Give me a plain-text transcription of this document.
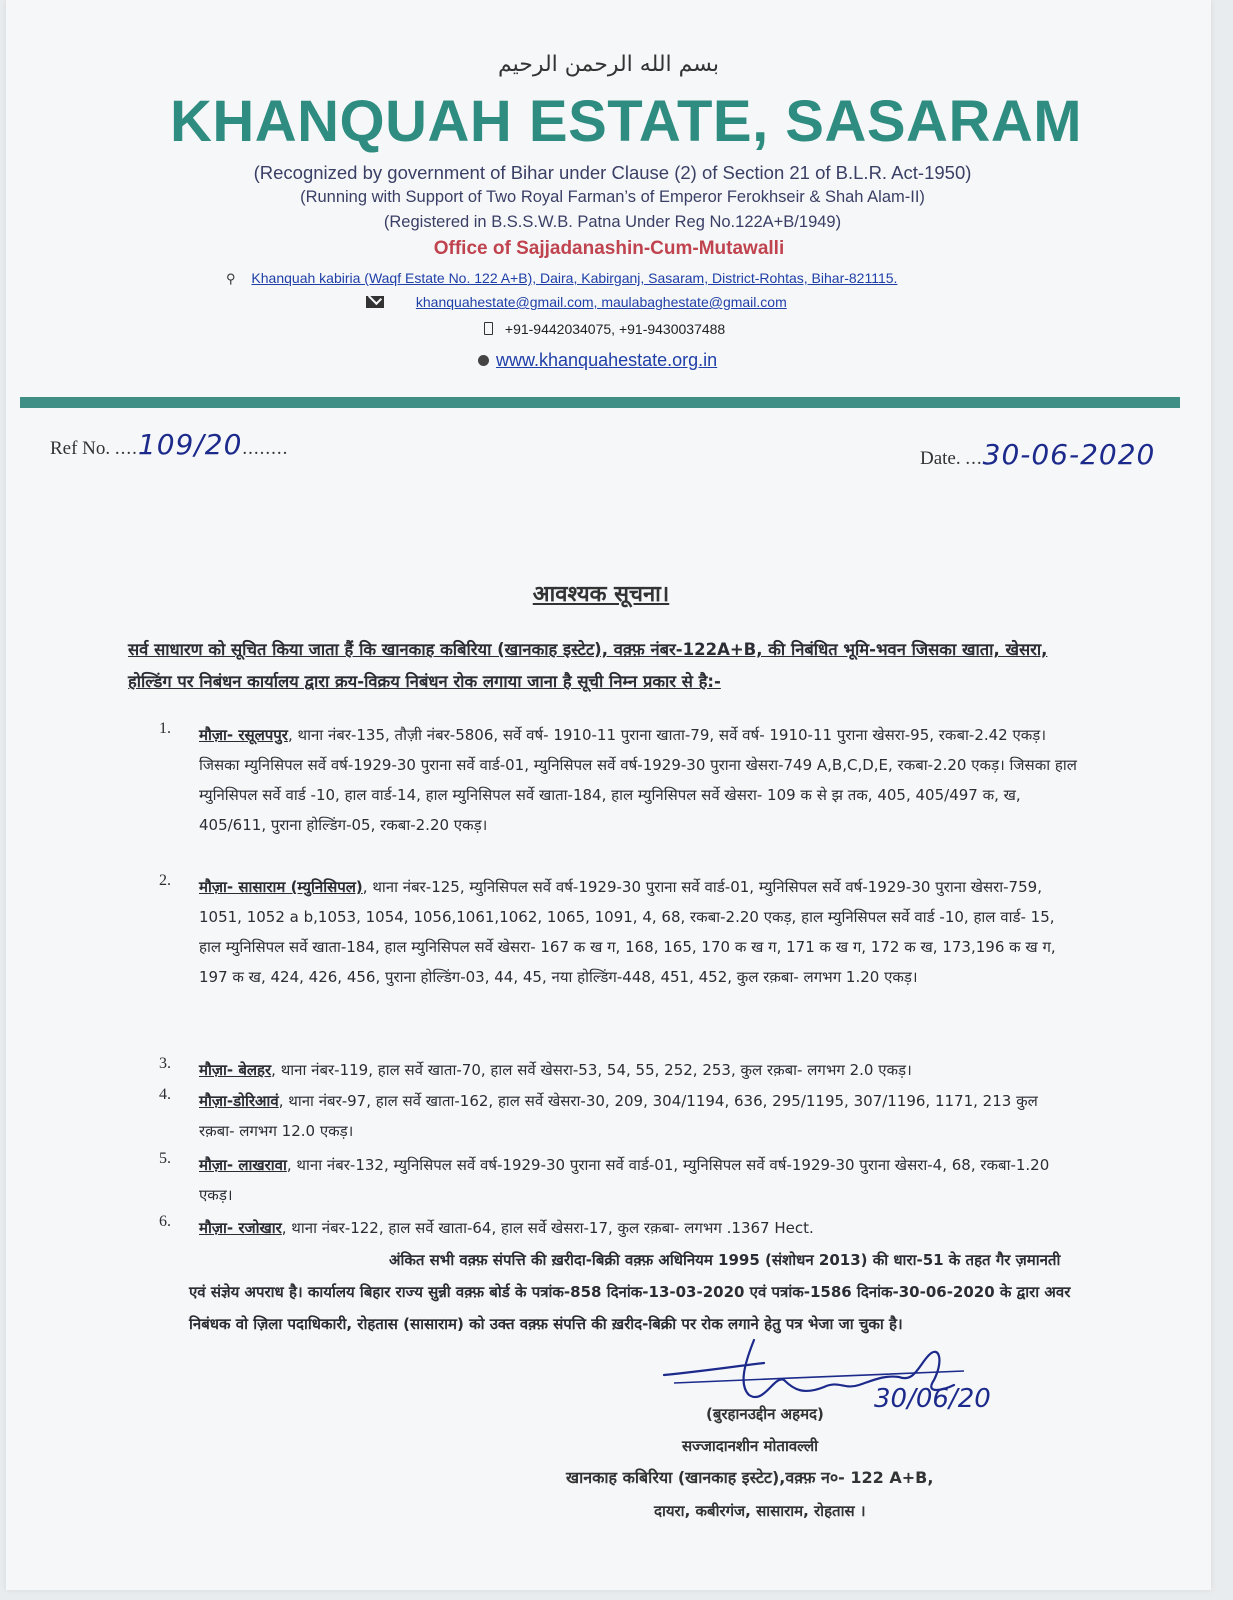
بسم الله الرحمن الرحيم
KHANQUAH ESTATE, SASARAM
(Recognized by government of Bihar under Clause (2) of Section 21 of B.L.R. Act-1950)
(Running with Support of Two Royal Farman’s of Emperor Ferokhseir & Shah Alam-II)
(Registered in B.S.S.W.B. Patna Under Reg No.122A+B/1949)
Office of Sajjadanashin-Cum-Mutawalli
⚲ Khanquah kabiria (Waqf Estate No. 122 A+B), Daira, Kabirganj, Sasaram, District-Rohtas, Bihar-821115.
khanquahestate@gmail.com, maulabaghestate@gmail.com
+91-9442034075, +91-9430037488
www.khanquahestate.org.in
Ref No. ....109/20........	Date. ...30-06-2020
आवश्यक सूचना।
सर्व साधारण को सूचित किया जाता हैं कि खानकाह कबिरिया (खानकाह इस्टेट), वक़्फ़ नंबर-122A+B, की निबंधित भूमि-भवन जिसका खाता, खेसरा, होल्डिंग पर निबंधन कार्यालय द्वारा क्रय-विक्रय निबंधन रोक लगाया जाना है सूची निम्न प्रकार से है:-
1. मौज़ा- रसूलपपुर, थाना नंबर-135, तौज़ी नंबर-5806, सर्वे वर्ष- 1910-11 पुराना खाता-79, सर्वे वर्ष- 1910-11 पुराना खेसरा-95, रकबा-2.42 एकड़। जिसका म्युनिसिपल सर्वे वर्ष-1929-30 पुराना सर्वे वार्ड-01, म्युनिसिपल सर्वे वर्ष-1929-30 पुराना खेसरा-749 A,B,C,D,E, रकबा-2.20 एकड़। जिसका हाल म्युनिसिपल सर्वे वार्ड -10, हाल वार्ड-14, हाल म्युनिसिपल सर्वे खाता-184, हाल म्युनिसिपल सर्वे खेसरा- 109 क से झ तक, 405, 405/497 क, ख, 405/611, पुराना होल्डिंग-05, रकबा-2.20 एकड़।
2. मौज़ा- सासाराम (म्युनिसिपल), थाना नंबर-125, म्युनिसिपल सर्वे वर्ष-1929-30 पुराना सर्वे वार्ड-01, म्युनिसिपल सर्वे वर्ष-1929-30 पुराना खेसरा-759, 1051, 1052 a b,1053, 1054, 1056,1061,1062, 1065, 1091, 4, 68, रकबा-2.20 एकड़, हाल म्युनिसिपल सर्वे वार्ड -10, हाल वार्ड- 15, हाल म्युनिसिपल सर्वे खाता-184, हाल म्युनिसिपल सर्वे खेसरा- 167 क ख ग, 168, 165, 170 क ख ग, 171 क ख ग, 172 क ख, 173,196 क ख ग, 197 क ख, 424, 426, 456, पुराना होल्डिंग-03, 44, 45, नया होल्डिंग-448, 451, 452, कुल रक़बा- लगभग 1.20 एकड़।
3. मौज़ा- बेलहर, थाना नंबर-119, हाल सर्वे खाता-70, हाल सर्वे खेसरा-53, 54, 55, 252, 253, कुल रक़बा- लगभग 2.0 एकड़।
4. मौज़ा-डोरिआवं, थाना नंबर-97, हाल सर्वे खाता-162, हाल सर्वे खेसरा-30, 209, 304/1194, 636, 295/1195, 307/1196, 1171, 213 कुल रक़बा- लगभग 12.0 एकड़।
5. मौज़ा- लाखरावा, थाना नंबर-132, म्युनिसिपल सर्वे वर्ष-1929-30 पुराना सर्वे वार्ड-01, म्युनिसिपल सर्वे वर्ष-1929-30 पुराना खेसरा-4, 68, रकबा-1.20 एकड़।
6. मौज़ा- रजोखार, थाना नंबर-122, हाल सर्वे खाता-64, हाल सर्वे खेसरा-17, कुल रक़बा- लगभग .1367 Hect.
अंकित सभी वक़्फ़ संपत्ति की ख़रीदा-बिक्री वक़्फ़ अधिनियम 1995 (संशोधन 2013) की धारा-51 के तहत गैर ज़मानती एवं संज्ञेय अपराध है। कार्यालय बिहार राज्य सुन्नी वक़्फ़ बोर्ड के पत्रांक-858 दिनांक-13-03-2020 एवं पत्रांक-1586 दिनांक-30-06-2020 के द्वारा अवर निबंधक वो ज़िला पदाधिकारी, रोहतास (सासाराम) को उक्त वक़्फ़ संपत्ति की ख़रीद-बिक्री पर रोक लगाने हेतु पत्र भेजा जा चुका है।
30/06/20
(बुरहानउद्दीन अहमद)
सज्जादानशीन मोतावल्ली
खानकाह कबिरिया (खानकाह इस्टेट),वक़्फ़ न०- 122 A+B,
दायरा, कबीरगंज, सासाराम, रोहतास ।
